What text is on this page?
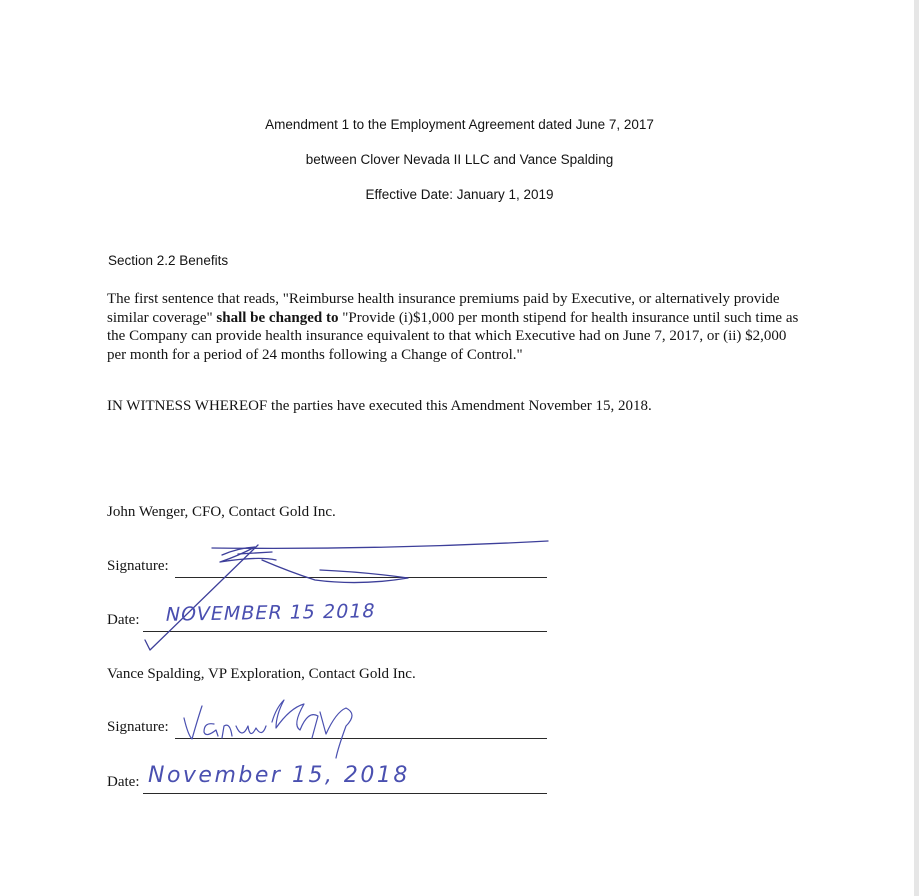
Amendment 1 to the Employment Agreement dated June 7, 2017
between Clover Nevada II LLC and Vance Spalding
Effective Date: January 1, 2019
Section 2.2 Benefits
The first sentence that reads, "Reimburse health insurance premiums paid by Executive, or alternatively provide similar coverage" shall be changed to "Provide (i)$1,000 per month stipend for health insurance until such time as the Company can provide health insurance equivalent to that which Executive had on June 7, 2017, or (ii) $2,000 per month for a period of 24 months following a Change of Control."
IN WITNESS WHEREOF the parties have executed this Amendment November 15, 2018.
John Wenger, CFO, Contact Gold Inc.
Signature:
Date: NOVEMBER 15 2018
Vance Spalding, VP Exploration, Contact Gold Inc.
Signature:
Date: November 15, 2018
